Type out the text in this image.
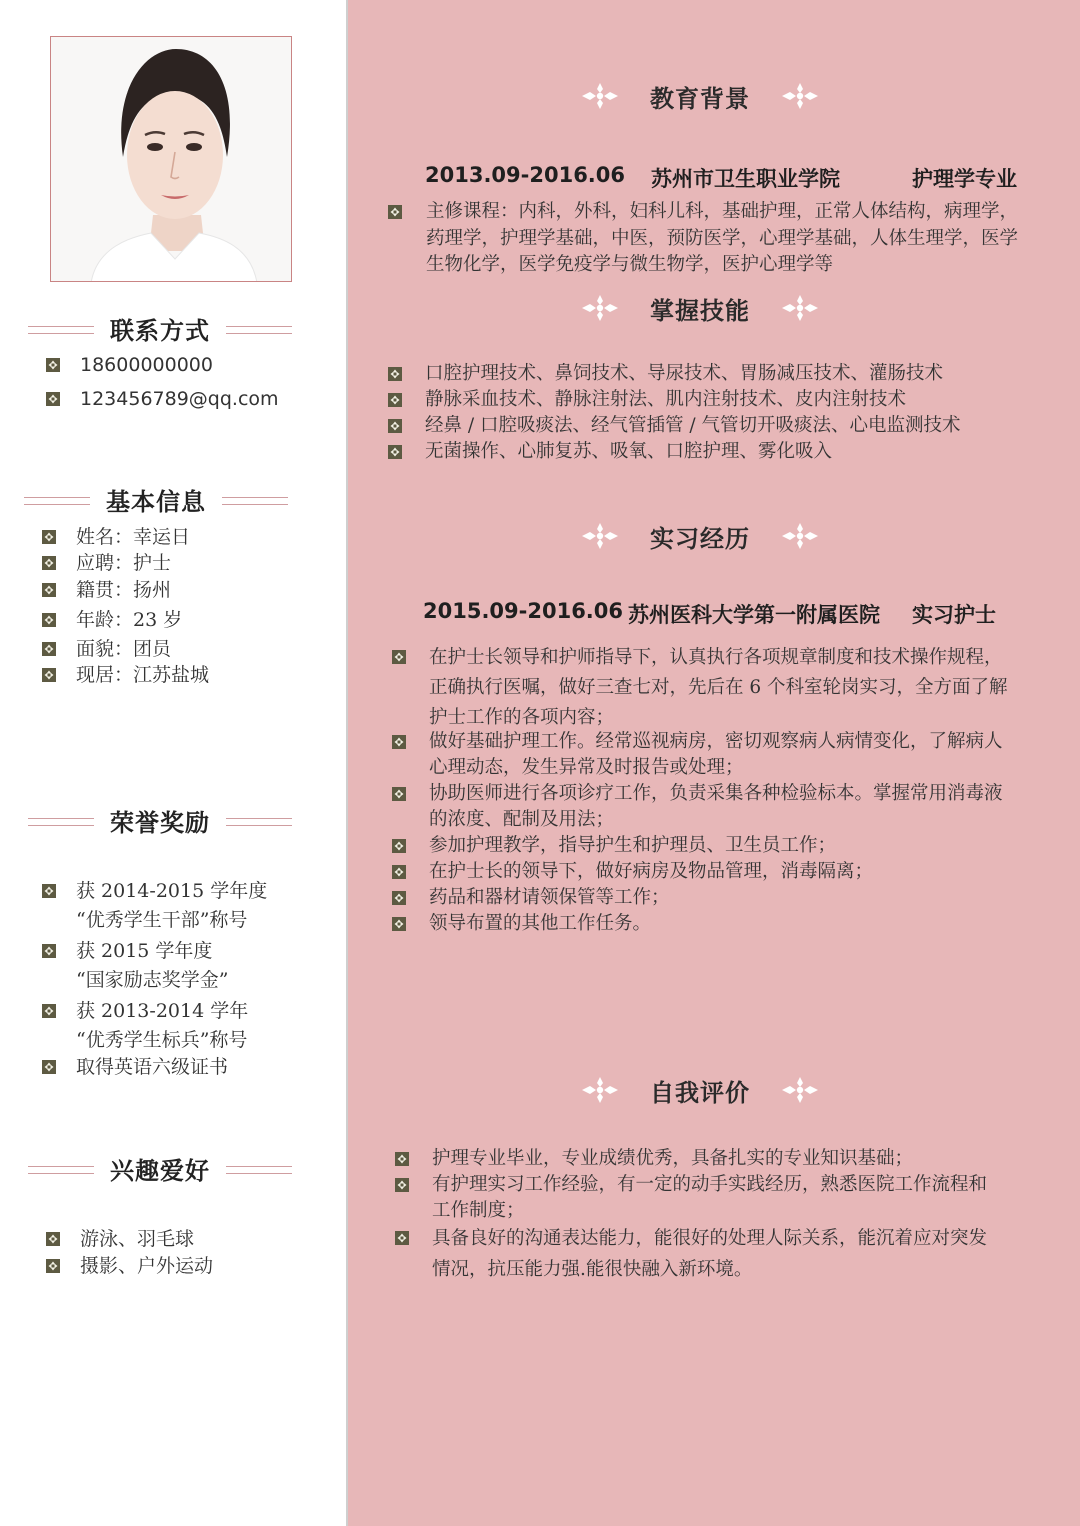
联系方式
18600000000
123456789@qq.com
基本信息
姓名：幸运日
应聘：护士
籍贯：扬州
年龄：23 岁
面貌：团员
现居：江苏盐城
荣誉奖励
获 2014-2015 学年度
“优秀学生干部”称号
获 2015 学年度
“国家励志奖学金”
获 2013-2014 学年
“优秀学生标兵”称号
取得英语六级证书
兴趣爱好
游泳、羽毛球
摄影、户外运动
教育背景
2013.09-2016.06 苏州市卫生职业学院	护理学专业
主修课程：内科，外科，妇科儿科，基础护理，正常人体结构，病理学，药理学，护理学基础，中医，预防医学，心理学基础，人体生理学，医学生物化学，医学免疫学与微生物学，医护心理学等
掌握技能
口腔护理技术、鼻饲技术、导尿技术、胃肠减压技术、灌肠技术
静脉采血技术、静脉注射法、肌内注射技术、皮内注射技术
经鼻 / 口腔吸痰法、经气管插管 / 气管切开吸痰法、心电监测技术
无菌操作、心肺复苏、吸氧、口腔护理、雾化吸入
实习经历
2015.09-2016.06 苏州医科大学第一附属医院 实习护士
在护士长领导和护师指导下，认真执行各项规章制度和技术操作规程，正确执行医嘱，做好三查七对，先后在 6 个科室轮岗实习，全方面了解护士工作的各项内容；
做好基础护理工作。经常巡视病房，密切观察病人病情变化，了解病人心理动态，发生异常及时报告或处理；
协助医师进行各项诊疗工作，负责采集各种检验标本。掌握常用消毒液的浓度、配制及用法；
参加护理教学，指导护生和护理员、卫生员工作；
在护士长的领导下，做好病房及物品管理，消毒隔离；
药品和器材请领保管等工作；
领导布置的其他工作任务。
自我评价
护理专业毕业，专业成绩优秀，具备扎实的专业知识基础；
有护理实习工作经验，有一定的动手实践经历，熟悉医院工作流程和工作制度；
具备良好的沟通表达能力，能很好的处理人际关系，能沉着应对突发情况，抗压能力强.能很快融入新环境。
